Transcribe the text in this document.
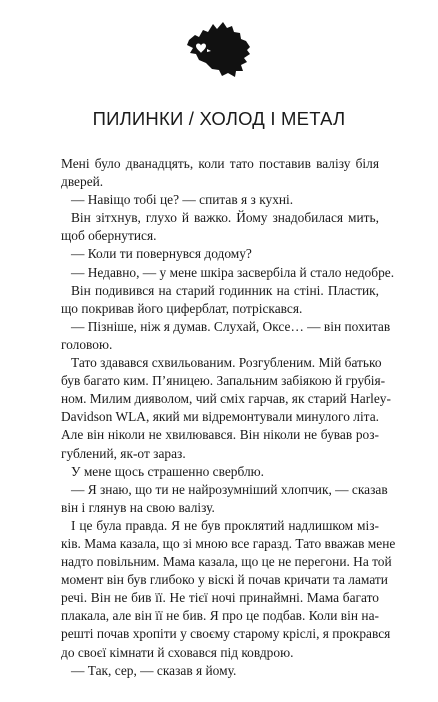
ПИЛИНКИ / ХОЛОД І МЕТАЛ

Мені було дванадцять, коли тато поставив валізу біля

дверей.

— Навіщо тобі це? — спитав я з кухні.

Він зітхнув, глухо й важко. Йому знадобилася мить,

щоб обернутися.

— Коли ти повернувся додому?

— Недавно, — у мене шкіра засвербіла й стало недобре.

Він подивився на старий годинник на стіні. Пластик,

що покривав його циферблат, потріскався.

— Пізніше, ніж я думав. Слухай, Оксе… — він похитав

головою.

Тато здавався схвильованим. Розгубленим. Мій батько

був багато ким. П’яницею. Запальним забіякою й грубія-

ном. Милим дияволом, чий сміх гарчав, як старий Harley-

Davidson WLA, який ми відремонтували минулого літа.

Але він ніколи не хвилювався. Він ніколи не бував роз-

гублений, як-от зараз.

У мене щось страшенно сверблю.

— Я знаю, що ти не найрозумніший хлопчик, — сказав

він і глянув на свою валізу.

І це була правда. Я не був проклятий надлишком мiз-

ків. Мама казала, що зі мною все гаразд. Тато вважав мене

надто повільним. Мама казала, що це не перегони. На той

момент він був глибоко у віскі й почав кричати та ламати

речі. Він не бив її. Не тієї ночі принаймні. Мама багато

плакала, але він її не бив. Я про це подбав. Коли він на-

решті почав хропіти у своєму старому кріслі, я прокрався

до своєї кімнати й сховався під ковдрою.

— Так, сер, — сказав я йому.
